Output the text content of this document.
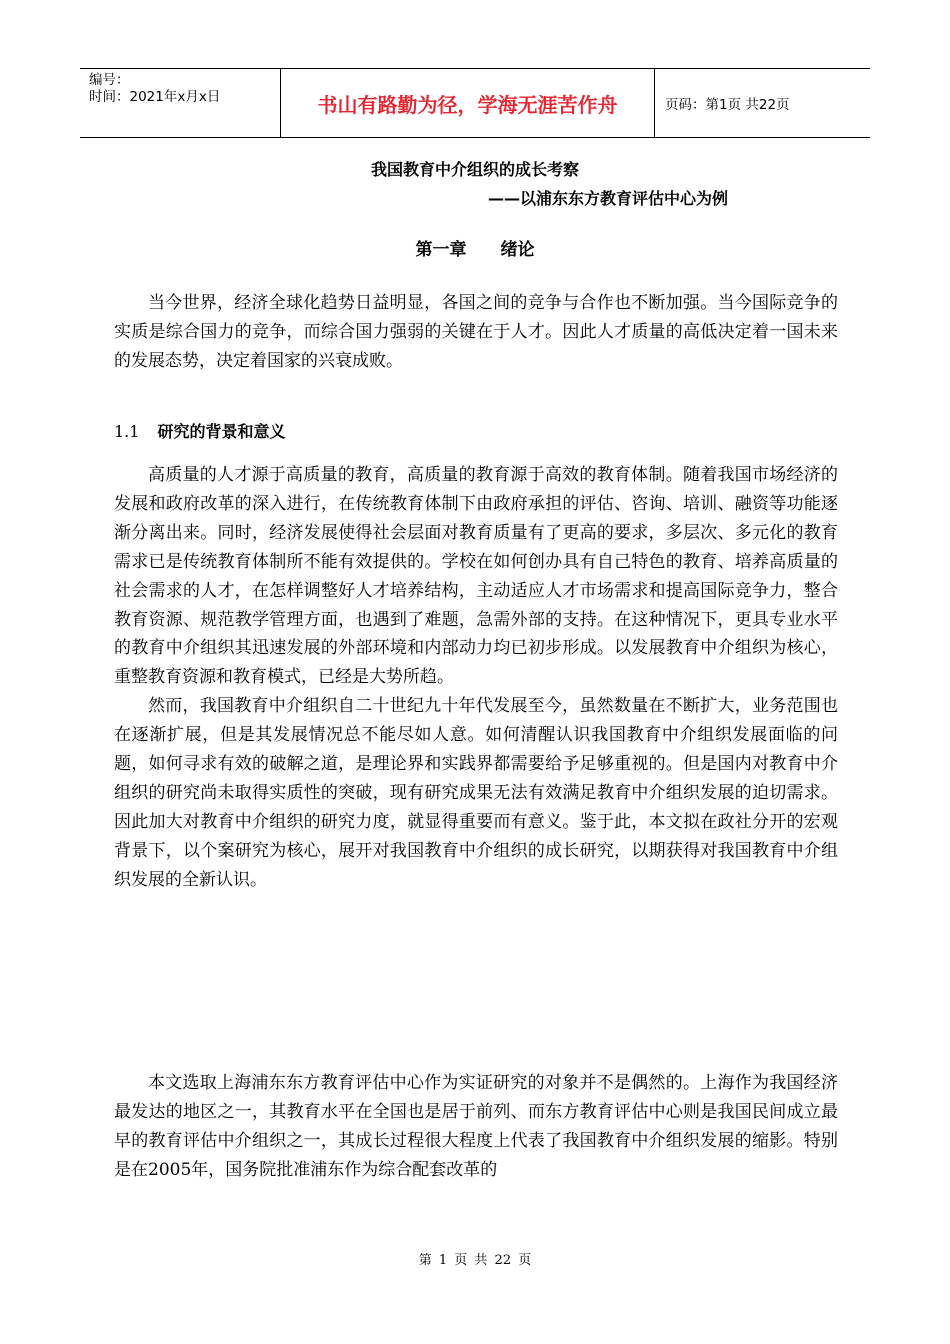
编号：
时间：2021年x月x日	书山有路勤为径，学海无涯苦作舟	页码：第1页 共22页
我国教育中介组织的成长考察
——以浦东东方教育评估中心为例
第一章 绪论

当今世界，经济全球化趋势日益明显，各国之间的竞争与合作也不断加强。当今国际竞争的实质是综合国力的竞争，而综合国力强弱的关键在于人才。因此人才质量的高低决定着一国未来的发展态势，决定着国家的兴衰成败。

1.1 研究的背景和意义

高质量的人才源于高质量的教育，高质量的教育源于高效的教育体制。随着我国市场经济的发展和政府改革的深入进行，在传统教育体制下由政府承担的评估、咨询、培训、融资等功能逐渐分离出来。同时，经济发展使得社会层面对教育质量有了更高的要求，多层次、多元化的教育需求已是传统教育体制所不能有效提供的。学校在如何创办具有自己特色的教育、培养高质量的社会需求的人才，在怎样调整好人才培养结构，主动适应人才市场需求和提高国际竞争力，整合教育资源、规范教学管理方面，也遇到了难题，急需外部的支持。在这种情况下，更具专业水平的教育中介组织其迅速发展的外部环境和内部动力均已初步形成。以发展教育中介组织为核心，重整教育资源和教育模式，已经是大势所趋。

然而，我国教育中介组织自二十世纪九十年代发展至今，虽然数量在不断扩大，业务范围也在逐渐扩展，但是其发展情况总不能尽如人意。如何清醒认识我国教育中介组织发展面临的问题，如何寻求有效的破解之道，是理论界和实践界都需要给予足够重视的。但是国内对教育中介组织的研究尚未取得实质性的突破，现有研究成果无法有效满足教育中介组织发展的迫切需求。因此加大对教育中介组织的研究力度，就显得重要而有意义。鉴于此，本文拟在政社分开的宏观背景下，以个案研究为核心，展开对我国教育中介组织的成长研究，以期获得对我国教育中介组织发展的全新认识。

本文选取上海浦东东方教育评估中心作为实证研究的对象并不是偶然的。上海作为我国经济最发达的地区之一，其教育水平在全国也是居于前列、而东方教育评估中心则是我国民间成立最早的教育评估中介组织之一，其成长过程很大程度上代表了我国教育中介组织发展的缩影。特别是在2005年，国务院批准浦东作为综合配套改革的

第 1 页 共 22 页
